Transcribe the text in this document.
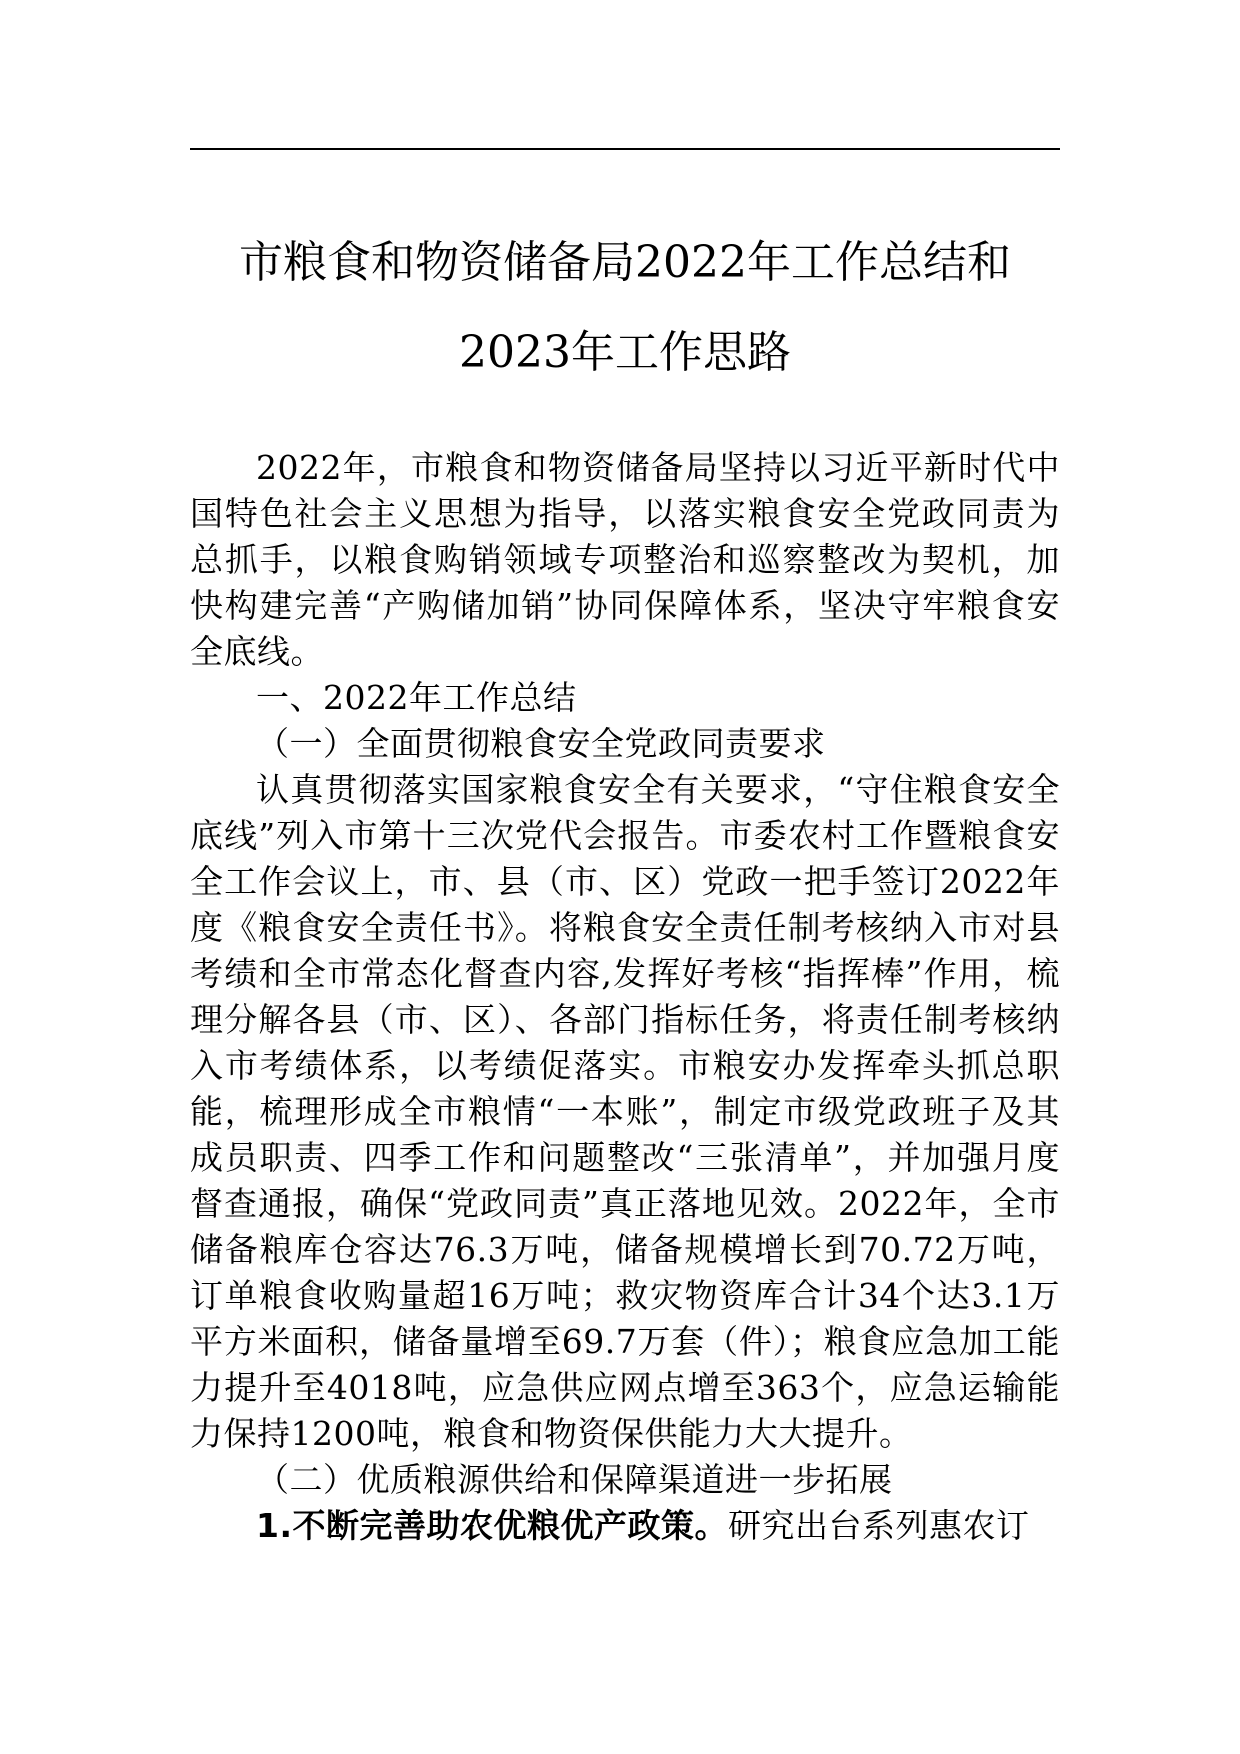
市粮食和物资储备局2022年工作总结和
2023年工作思路

2022年，市粮食和物资储备局坚持以习近平新时代中国特色社会主义思想为指导，以落实粮食安全党政同责为总抓手，以粮食购销领域专项整治和巡察整改为契机，加快构建完善“产购储加销”协同保障体系，坚决守牢粮食安全底线。

一、2022年工作总结

（一）全面贯彻粮食安全党政同责要求

认真贯彻落实国家粮食安全有关要求，“守住粮食安全底线”列入市第十三次党代会报告。市委农村工作暨粮食安全工作会议上，市、县（市、区）党政一把手签订2022年度《粮食安全责任书》。将粮食安全责任制考核纳入市对县考绩和全市常态化督查内容,发挥好考核“指挥棒”作用，梳理分解各县（市、区）、各部门指标任务，将责任制考核纳入市考绩体系，以考绩促落实。市粮安办发挥牵头抓总职能，梳理形成全市粮情“一本账”，制定市级党政班子及其成员职责、四季工作和问题整改“三张清单”，并加强月度督查通报，确保“党政同责”真正落地见效。2022年，全市储备粮库仓容达76.3万吨，储备规模增长到70.72万吨，订单粮食收购量超16万吨；救灾物资库合计34个达3.1万平方米面积，储备量增至69.7万套（件）；粮食应急加工能力提升至4018吨，应急供应网点增至363个，应急运输能力保持1200吨，粮食和物资保供能力大大提升。

（二）优质粮源供给和保障渠道进一步拓展

1.不断完善助农优粮优产政策。研究出台系列惠农订
